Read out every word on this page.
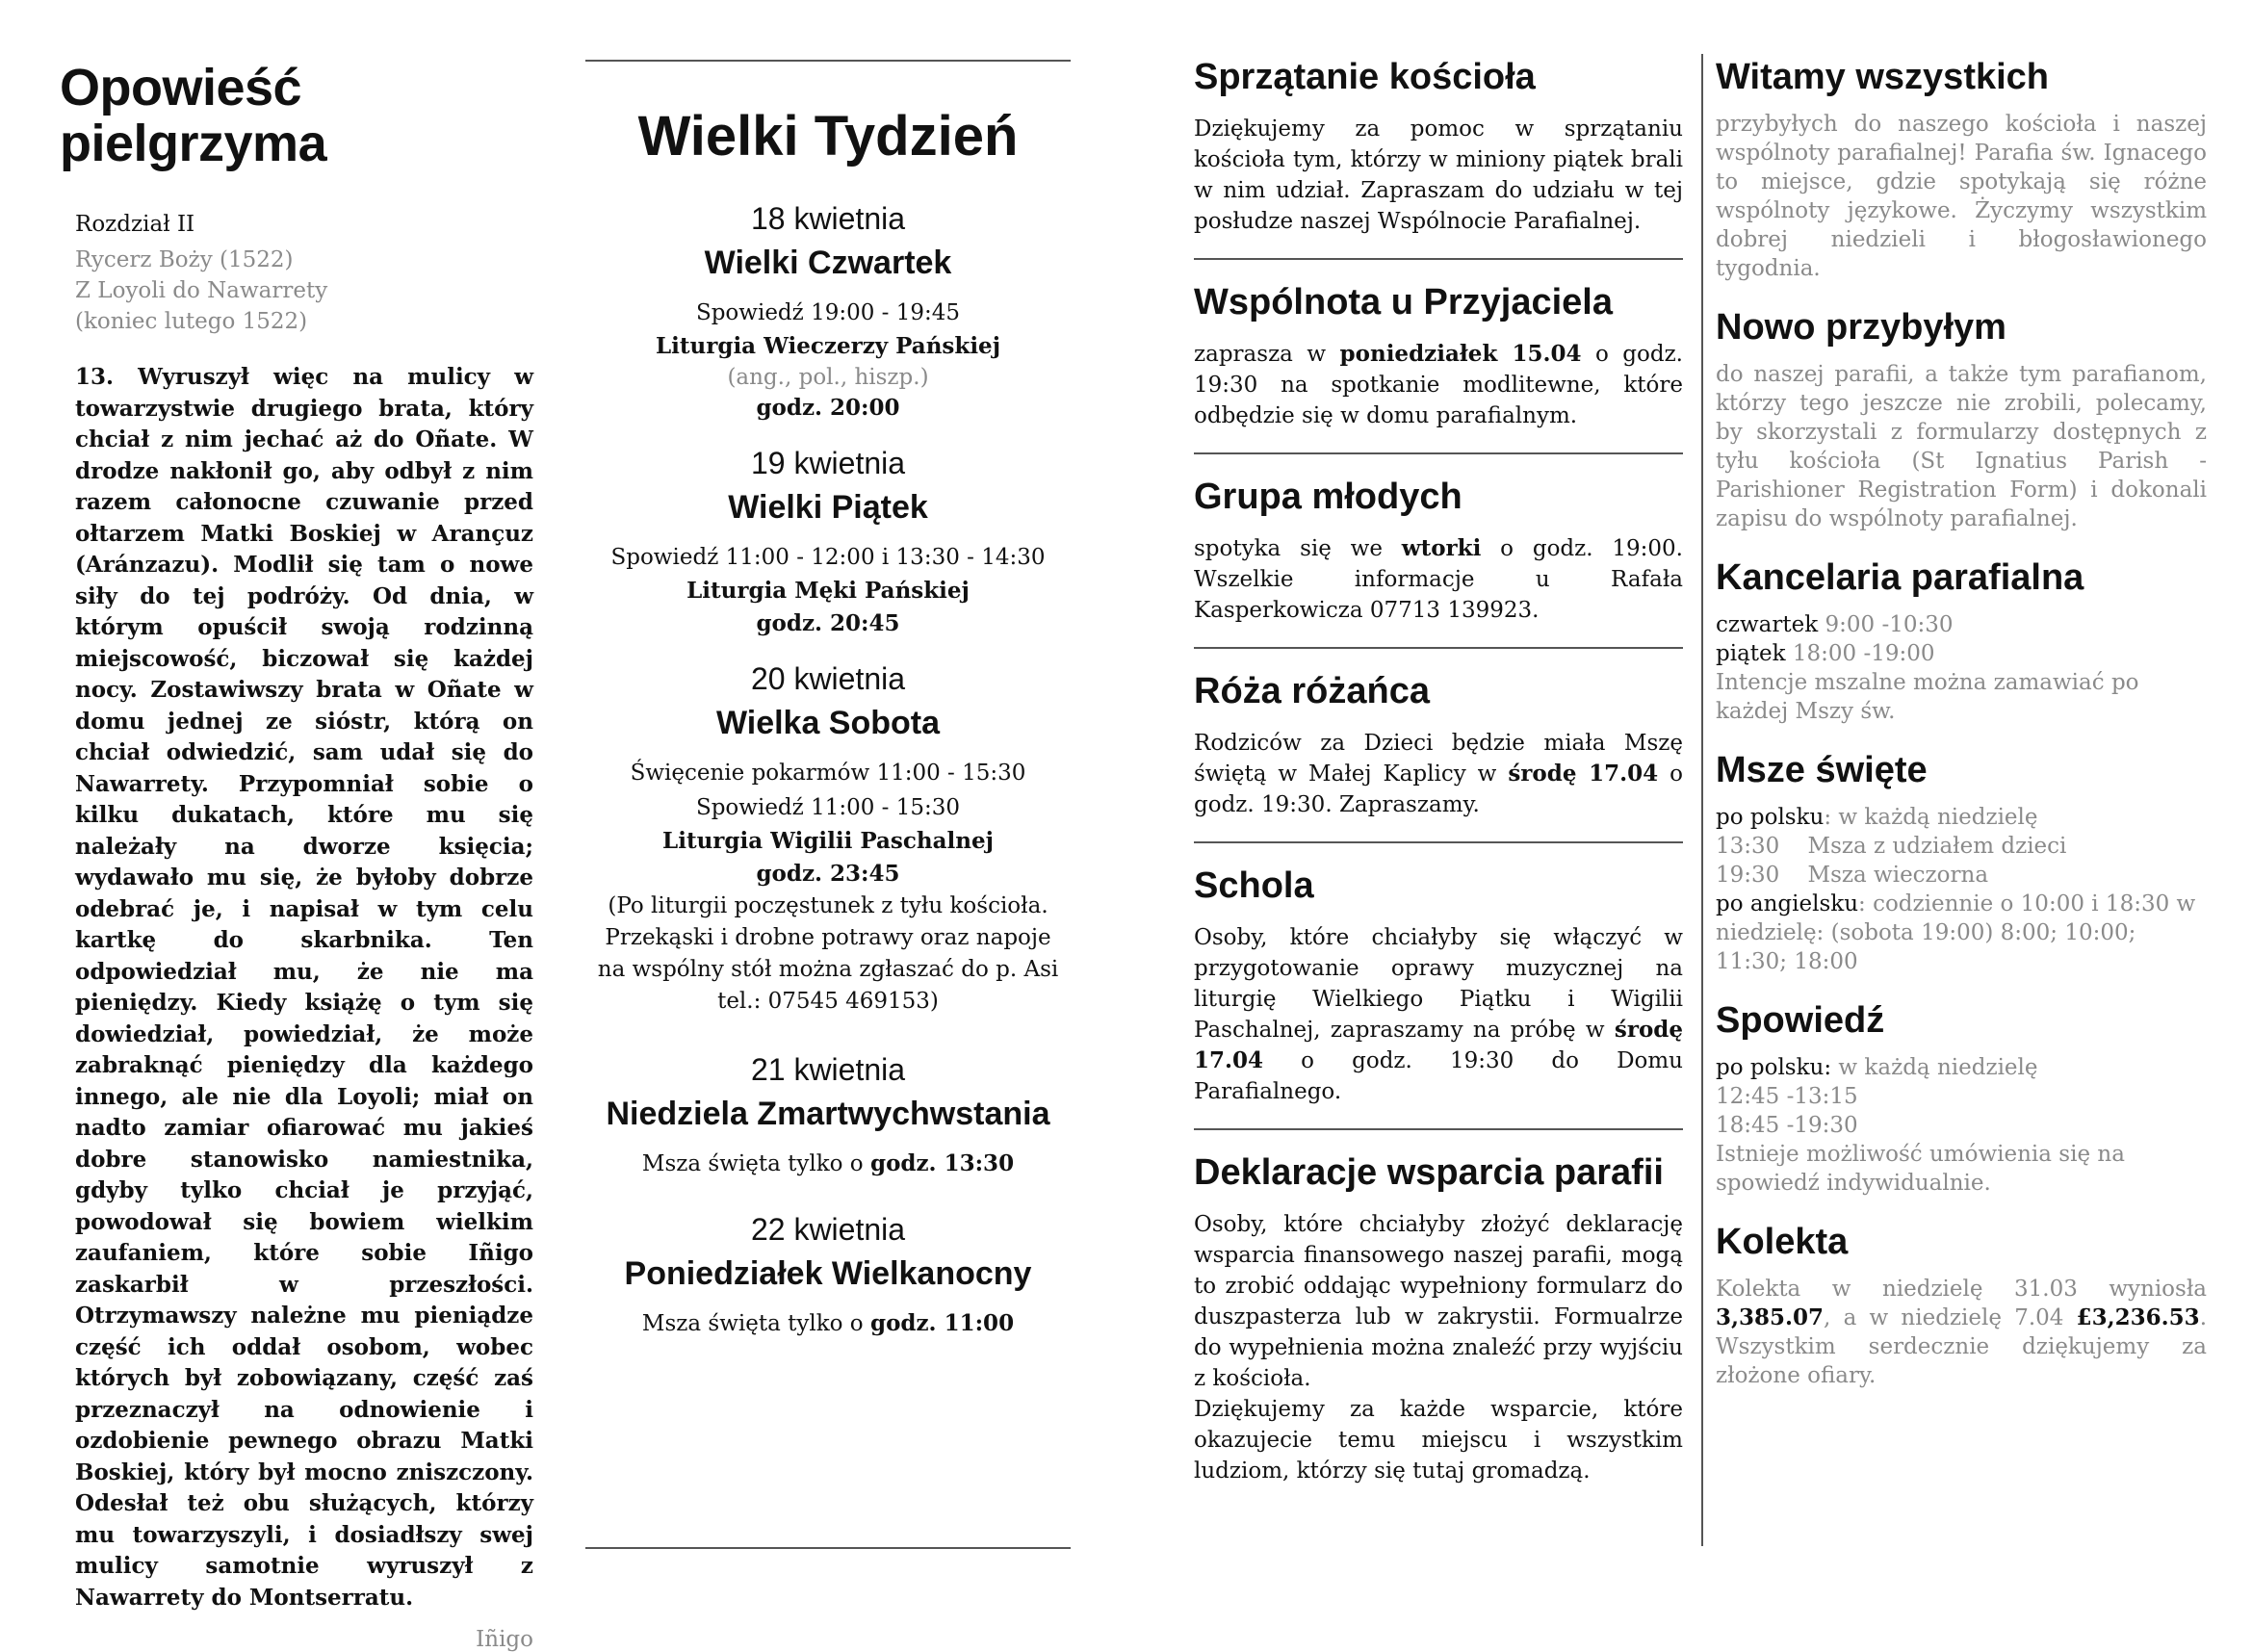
Opowieść
pielgrzyma
Rozdział II
Rycerz Boży (1522)
Z Loyoli do Nawarrety
(koniec lutego 1522)
13. Wyruszył więc na mulicy w towarzystwie drugiego brata, który chciał z nim jechać aż do Oñate. W drodze nakłonił go, aby odbył z nim razem całonocne czuwanie przed ołtarzem Matki Boskiej w Arançuz (Aránzazu). Modlił się tam o nowe siły do tej podróży. Od dnia, w którym opuścił swoją rodzinną miejscowość, biczował się każdej nocy. Zostawiwszy brata w Oñate w domu jednej ze sióstr, którą on chciał odwiedzić, sam udał się do Nawarrety. Przypomniał sobie o kilku dukatach, które mu się należały na dworze księcia; wydawało mu się, że byłoby dobrze odebrać je, i napisał w tym celu kartkę do skarbnika. Ten odpowiedział mu, że nie ma pieniędzy. Kiedy książę o tym się dowiedział, powiedział, że może zabraknąć pieniędzy dla każdego innego, ale nie dla Loyoli; miał on nadto zamiar ofiarować mu jakieś dobre stanowisko namiestnika, gdyby tylko chciał je przyjąć, powodował się bowiem wielkim zaufaniem, które sobie Iñigo zaskarbił w przeszłości. Otrzymawszy należne mu pieniądze część ich oddał osobom, wobec których był zobowiązany, część zaś przeznaczył na odnowienie i ozdobienie pewnego obrazu Matki Boskiej, który był mocno zniszczony. Odesłał też obu służących, którzy mu towarzyszyli, i dosiadłszy swej mulicy samotnie wyruszył z Nawarrety do Montserratu.
Iñigo
Wielki Tydzień
18 kwietnia
Wielki Czwartek
Spowiedź 19:00 - 19:45
Liturgia Wieczerzy Pańskiej
(ang., pol., hiszp.)
godz. 20:00
19 kwietnia
Wielki Piątek
Spowiedź 11:00 - 12:00 i 13:30 - 14:30
Liturgia Męki Pańskiej
godz. 20:45
20 kwietnia
Wielka Sobota
Święcenie pokarmów 11:00 - 15:30
Spowiedź 11:00 - 15:30
Liturgia Wigilii Paschalnej
godz. 23:45
(Po liturgii poczęstunek z tyłu kościoła. Przekąski i drobne potrawy oraz napoje na wspólny stół można zgłaszać do p. Asi tel.: 07545 469153)
21 kwietnia
Niedziela Zmartwychwstania
Msza święta tylko o godz. 13:30
22 kwietnia
Poniedziałek Wielkanocny
Msza święta tylko o godz. 11:00
Sprzątanie kościoła

Dziękujemy za pomoc w sprzątaniu kościoła tym, którzy w miniony piątek brali w nim udział. Zapraszam do udziału w tej posłudze naszej Wspólnocie Parafialnej.

Wspólnota u Przyjaciela

zaprasza w poniedziałek 15.04 o godz. 19:30 na spotkanie modlitewne, które odbędzie się w domu parafialnym.

Grupa młodych

spotyka się we wtorki o godz. 19:00. Wszelkie informacje u Rafała Kasperkowicza 07713 139923.

Róża różańca

Rodziców za Dzieci będzie miała Mszę świętą w Małej Kaplicy w środę 17.04 o godz. 19:30. Zapraszamy.

Schola

Osoby, które chciałyby się włączyć w przygotowanie oprawy muzycznej na liturgię Wielkiego Piątku i Wigilii Paschalnej, zapraszamy na próbę w środę 17.04 o godz. 19:30 do Domu Parafialnego.

Deklaracje wsparcia parafii

Osoby, które chciałyby złożyć deklarację wsparcia finansowego naszej parafii, mogą to zrobić oddając wypełniony formularz do duszpasterza lub w zakrystii. Formualrze do wypełnienia można znaleźć przy wyjściu z kościoła.

Dziękujemy za każde wsparcie, które okazujecie temu miejscu i wszystkim ludziom, którzy się tutaj gromadzą.

Witamy wszystkich

przybyłych do naszego kościoła i naszej wspólnoty parafialnej! Parafia św. Ignacego to miejsce, gdzie spotykają się różne wspólnoty językowe. Życzymy wszystkim dobrej niedzieli i błogosławionego tygodnia.

Nowo przybyłym

do naszej parafii, a także tym parafianom, którzy tego jeszcze nie zrobili, polecamy, by skorzystali z formularzy dostępnych z tyłu kościoła (St Ignatius Parish - Parishioner Registration Form) i dokonali zapisu do wspólnoty parafialnej.

Kancelaria parafialna
czwartek 9:00 -10:30
piątek 18:00 -19:00
Intencje mszalne można zamawiać po każdej Mszy św.
Msze święte
po polsku: w każdą niedzielę
13:30    Msza z udziałem dzieci
19:30    Msza wieczorna
po angielsku: codziennie o 10:00 i 18:30 w niedzielę: (sobota 19:00) 8:00; 10:00; 11:30; 18:00
Spowiedź
po polsku: w każdą niedzielę
12:45 -13:15
18:45 -19:30
Istnieje możliwość umówienia się na spowiedź indywidualnie.
Kolekta

Kolekta w niedzielę 31.03 wyniosła 3,385.07, a w niedzielę 7.04 £3,236.53. Wszystkim serdecznie dziękujemy za złożone ofiary.
